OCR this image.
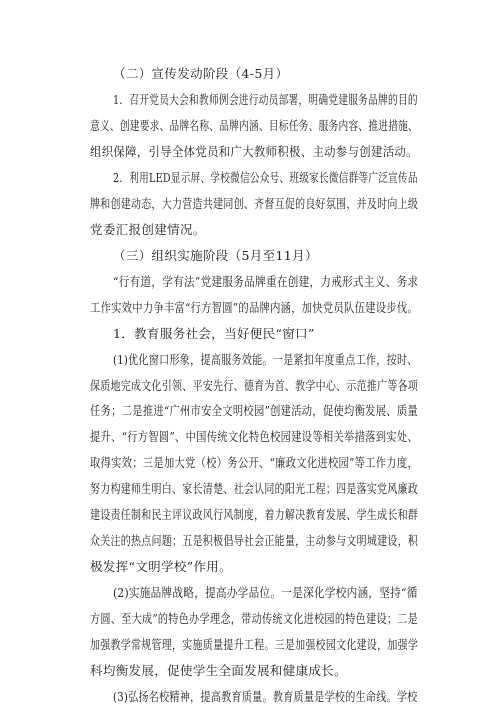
（二）宣传发动阶段（4-5月）
1．召开党员大会和教师例会进行动员部署，明确党建服务品牌的目的
意义、创建要求、品牌名称、品牌内涵、目标任务、服务内容、推进措施、
组织保障，引导全体党员和广大教师积极、主动参与创建活动。
2．利用LED显示屏、学校微信公众号、班级家长微信群等广泛宣传品
牌和创建动态，大力营造共建同创、齐督互促的良好氛围，并及时向上级
党委汇报创建情况。
（三）组织实施阶段（5月至11月）
“行有道，学有法”党建服务品牌重在创建，力戒形式主义、务求
工作实效中力争丰富“行方智圆”的品牌内涵，加快党员队伍建设步伐。
1．教育服务社会，当好便民“窗口”
(1)优化窗口形象，提高服务效能。一是紧扣年度重点工作，按时、
保质地完成文化引领、平安先行、德育为首、教学中心、示范推广等各项
任务；二是推进“广州市安全文明校园”创建活动，促使均衡发展、质量
提升、“行方智圆”、中国传统文化特色校园建设等相关举措落到实处、
取得实效；三是加大党（校）务公开、“廉政文化进校园”等工作力度，
努力构建师生明白、家长清楚、社会认同的阳光工程；四是落实党风廉政
建设责任制和民主评议政风行风制度，着力解决教育发展、学生成长和群
众关注的热点问题；五是积极倡导社会正能量，主动参与文明城建设，积
极发挥“文明学校”作用。
(2)实施品牌战略，提高办学品位。一是深化学校内涵，坚持“循
方圆、至大成”的特色办学理念，带动传统文化进校园的特色建设；二是
加强教学常规管理，实施质量提升工程。三是加强校园文化建设，加强学
科均衡发展，促使学生全面发展和健康成长。
(3)弘扬名校精神，提高教育质量。教育质量是学校的生命线。学校
